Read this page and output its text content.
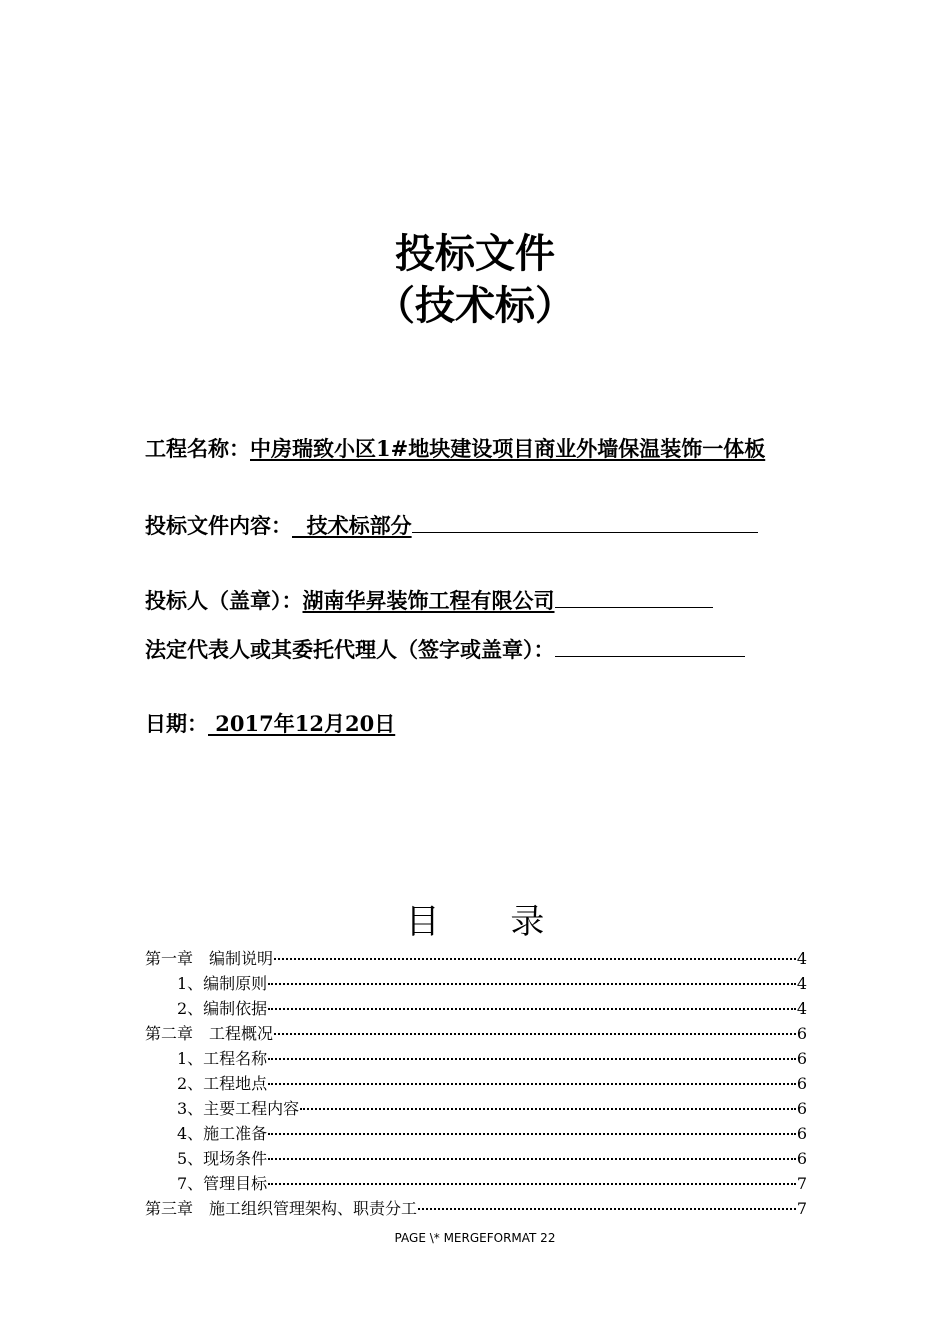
投标文件
（技术标）
工程名称：中房瑞致小区1#地块建设项目商业外墙保温装饰一体板
投标文件内容：  技术标部分
投标人（盖章）：湖南华昇装饰工程有限公司
法定代表人或其委托代理人（签字或盖章）：
日期： 2017年12月20日
目 录
第一章　编制说明	4
1、编制原则	4
2、编制依据	4
第二章　工程概况	6
1、工程名称	6
2、工程地点	6
3、主要工程内容	6
4、施工准备	6
5、现场条件	6
7、管理目标	7
第三章　施工组织管理架构、职责分工	7
PAGE \* MERGEFORMAT 22
